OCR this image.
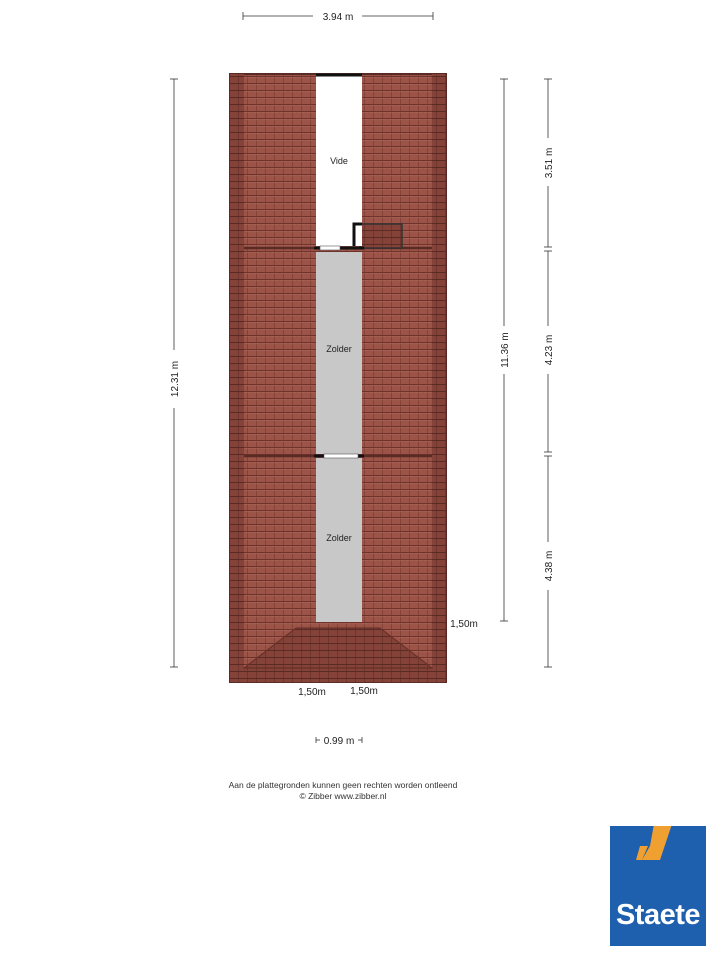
Vide
Zolder
Zolder
3.94 m
12.31 m
11.36 m
3.51 m
4.23 m
4.38 m
1,50m
1,50m 1,50m
0.99 m
Aan de plattegronden kunnen geen rechten worden ontleend
© Zibber www.zibber.nl
Staete
